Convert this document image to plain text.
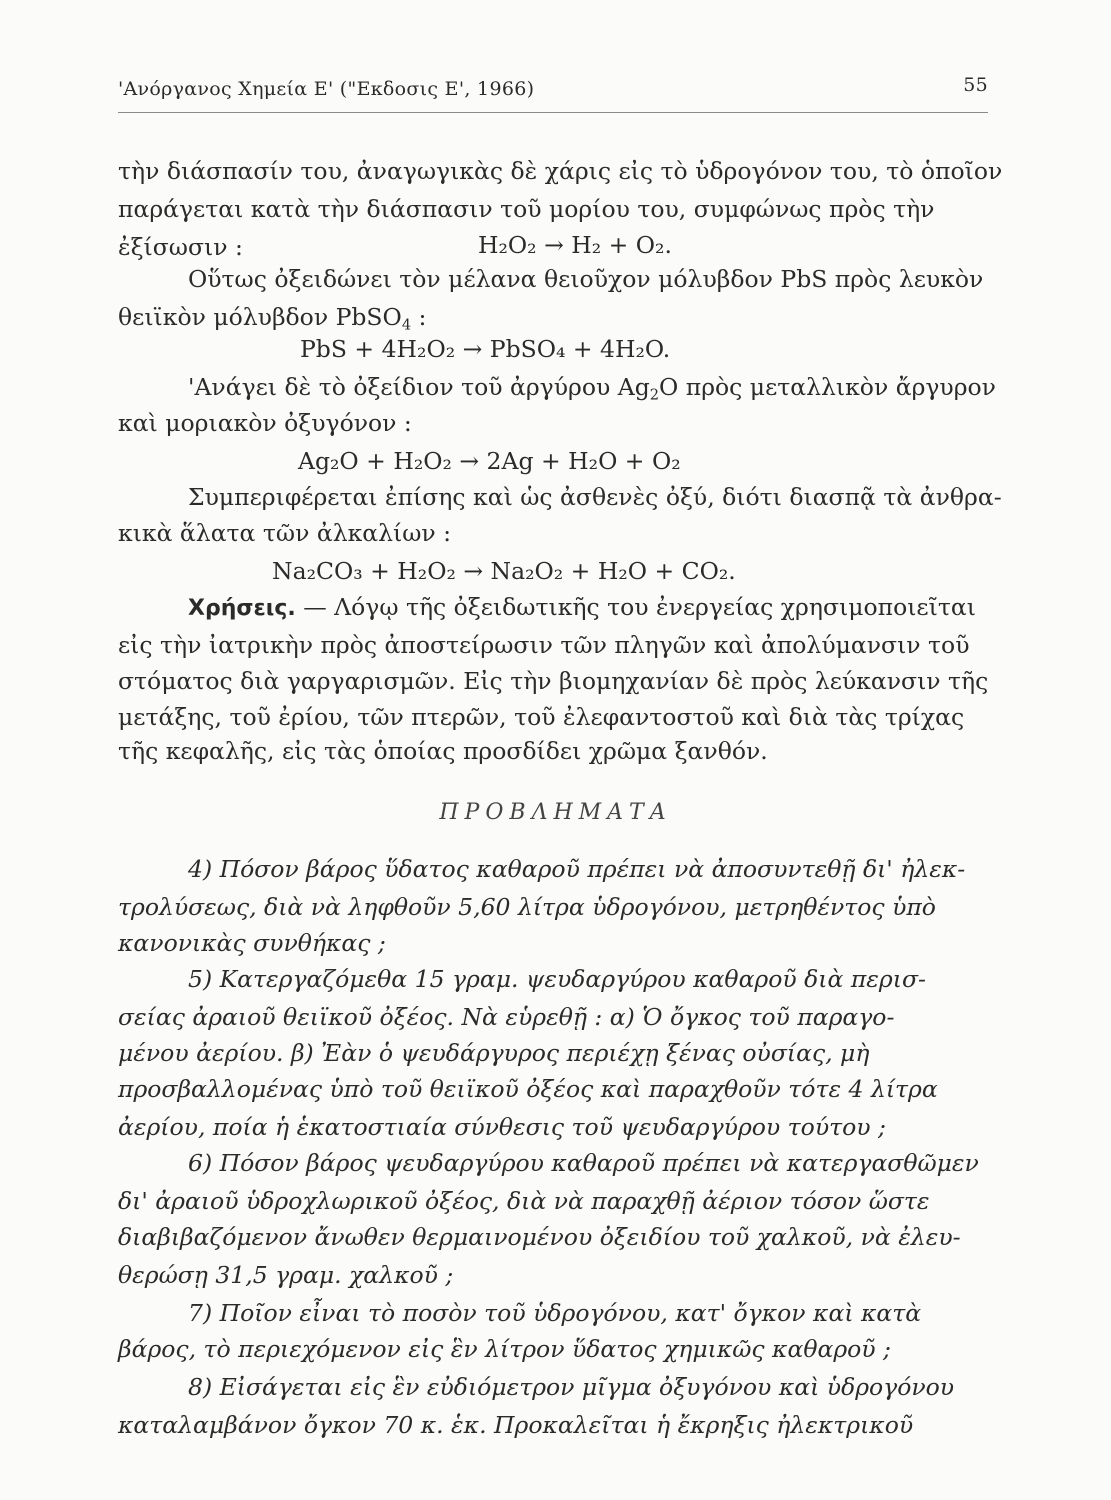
'Ανόργανος Χημεία Ε' ("Εκδοσις Ε', 1966)	55
τὴν διάσπασίν του, ἀναγωγικὰς δὲ χάρις εἰς τὸ ὑδρογόνον του, τὸ ὁποῖον
παράγεται κατὰ τὴν διάσπασιν τοῦ μορίου του, συμφώνως πρὸς τὴν
ἐξίσωσιν :	H₂O₂ → H₂ + O₂.
Οὕτως ὀξειδώνει τὸν μέλανα θειοῦχον μόλυβδον PbS πρὸς λευκὸν
θειϊκὸν μόλυβδον PbSO$_4$ :
PbS + 4H₂O₂ → PbSO₄ + 4H₂O.
'Ανάγει δὲ τὸ ὀξείδιον τοῦ ἀργύρου $Ag_2O$ πρὸς μεταλλικὸν ἄργυρον
καὶ μοριακὸν ὀξυγόνον :
Ag₂O + H₂O₂ → 2Ag + H₂O + O₂
Συμπεριφέρεται ἐπίσης καὶ ὡς ἀσθενὲς ὀξύ, διότι διασπᾷ τὰ ἀνθρα-
κικὰ ἅλατα τῶν ἀλκαλίων :
Na₂CO₃ + H₂O₂ → Na₂O₂ + H₂O + CO₂.
Χρήσεις. — Λόγῳ τῆς ὀξειδωτικῆς του ἐνεργείας χρησιμοποιεῖται
εἰς τὴν ἰατρικὴν πρὸς ἀποστείρωσιν τῶν πληγῶν καὶ ἀπολύμανσιν τοῦ
στόματος διὰ γαργαρισμῶν. Εἰς τὴν βιομηχανίαν δὲ πρὸς λεύκανσιν τῆς
μετάξης, τοῦ ἐρίου, τῶν πτερῶν, τοῦ ἐλεφαντοστοῦ καὶ διὰ τὰς τρίχας
τῆς κεφαλῆς, εἰς τὰς ὁποίας προσδίδει χρῶμα ξανθόν.
ΠΡΟΒΛΗΜΑΤΑ
4) Πόσον βάρος ὕδατος καθαροῦ πρέπει νὰ ἀποσυντεθῇ δι' ἠλεκ-
τρολύσεως, διὰ νὰ ληφθοῦν 5,60 λίτρα ὑδρογόνου, μετρηθέντος ὑπὸ
κανονικὰς συνθήκας ;
5) Κατεργαζόμεθα 15 γραμ. ψευδαργύρου καθαροῦ διὰ περισ-
σείας ἀραιοῦ θειϊκοῦ ὀξέος. Νὰ εὑρεθῇ : α) Ὁ ὄγκος τοῦ παραγο-
μένου ἀερίου. β) Ἐὰν ὁ ψευδάργυρος περιέχῃ ξένας οὐσίας, μὴ
προσβαλλομένας ὑπὸ τοῦ θειϊκοῦ ὀξέος καὶ παραχθοῦν τότε 4 λίτρα
ἀερίου, ποία ἡ ἑκατοστιαία σύνθεσις τοῦ ψευδαργύρου τούτου ;
6) Πόσον βάρος ψευδαργύρου καθαροῦ πρέπει νὰ κατεργασθῶμεν
δι' ἀραιοῦ ὑδροχλωρικοῦ ὀξέος, διὰ νὰ παραχθῇ ἀέριον τόσον ὥστε
διαβιβαζόμενον ἄνωθεν θερμαινομένου ὀξειδίου τοῦ χαλκοῦ, νὰ ἐλευ-
θερώσῃ 31,5 γραμ. χαλκοῦ ;
7) Ποῖον εἶναι τὸ ποσὸν τοῦ ὑδρογόνου, κατ' ὄγκον καὶ κατὰ
βάρος, τὸ περιεχόμενον εἰς ἓν λίτρον ὕδατος χημικῶς καθαροῦ ;
8) Εἰσάγεται εἰς ἓν εὐδιόμετρον μῖγμα ὀξυγόνου καὶ ὑδρογόνου
καταλαμβάνον ὄγκον 70 κ. ἑκ. Προκαλεῖται ἡ ἔκρηξις ἠλεκτρικοῦ
